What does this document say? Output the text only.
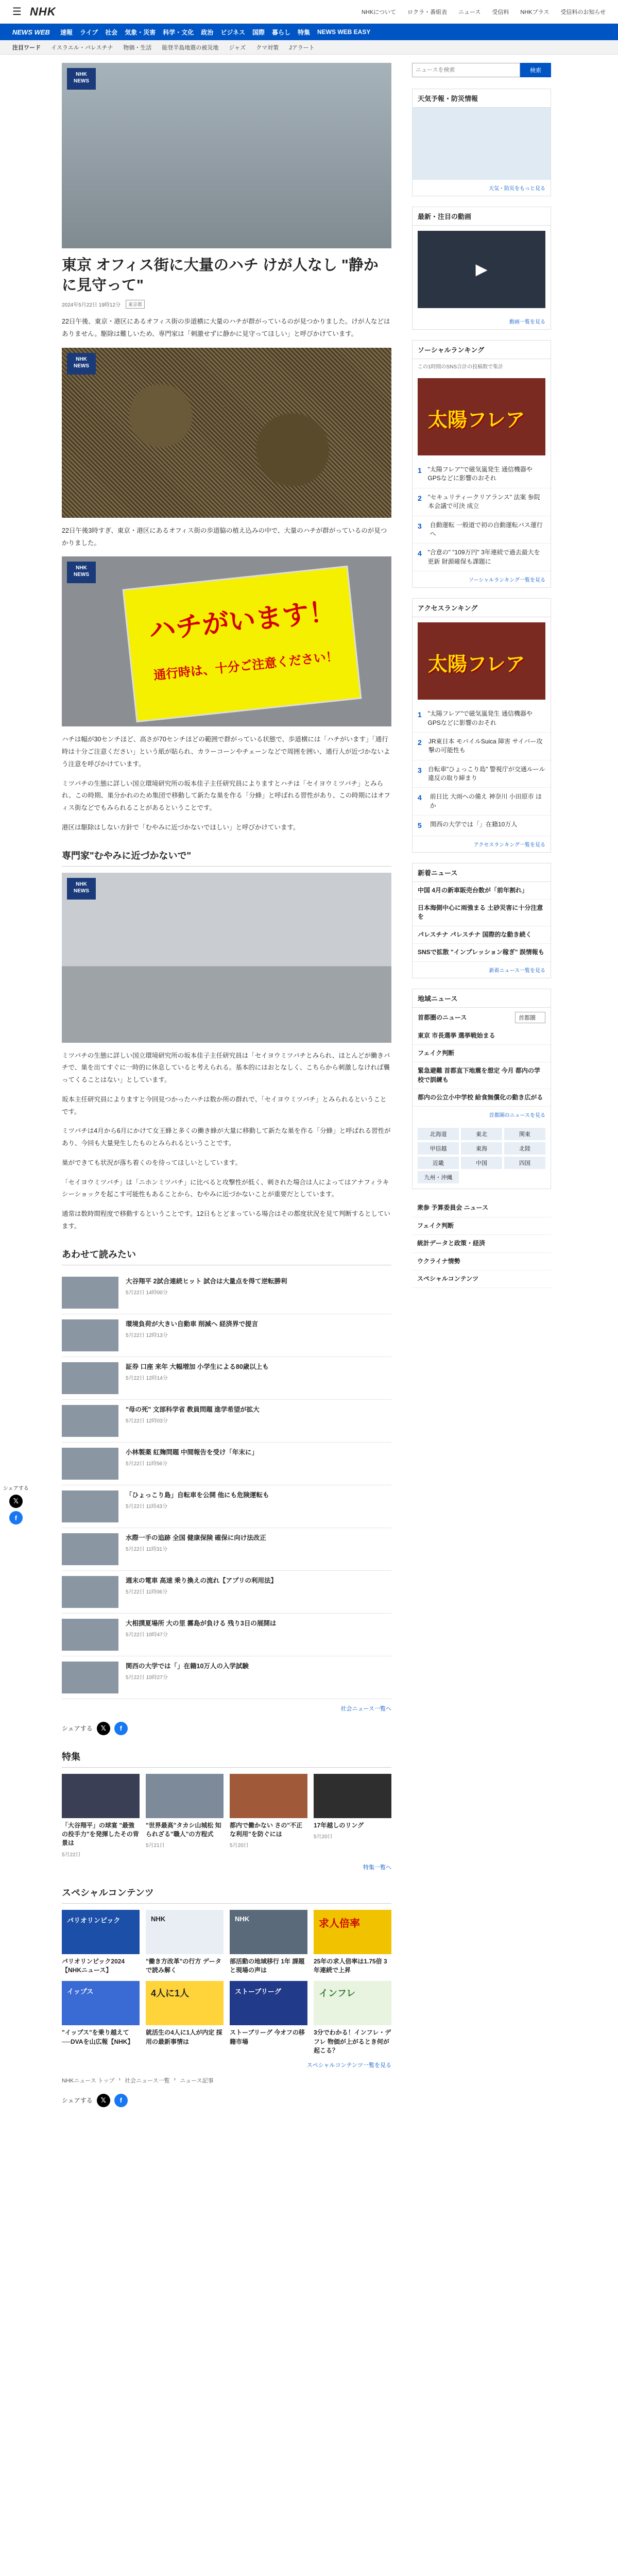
☰ NHK	NHKについて ロクラ・番組表 ニュース 受信料 NHKプラス 受信料のお知らせ
NEWS WEB 速報 ライブ 社会 気象・災害 科学・文化 政治 ビジネス 国際 暮らし 特集 NEWS WEB EASY
注目ワード イスラエル・パレスチナ 物価・生活 能登半島地震の被災地 ジャズ クマ対策 Jアラート
NHK
NEWS
東京 オフィス街に大量のハチ けが人なし "静かに見守って"
2024年5月22日 19時12分	東京都

22日午後、東京・港区にあるオフィス街の歩道横に大量のハチが群がっているのが見つかりました。けが人などはありません。駆除は難しいため、専門家は「刺激せずに静かに見守ってほしい」と呼びかけています。

NHK
NEWS

22日午後3時すぎ、東京・港区にあるオフィス街の歩道脇の植え込みの中で、大量のハチが群がっているのが見つかりました。

NHK
NEWS
ハチがいます！
通行時は、十分ご注意ください！

ハチは幅が30センチほど、高さが70センチほどの範囲で群がっている状態で、歩道横には「ハチがいます」「通行時は十分ご注意ください」という紙が貼られ、カラーコーンやチェーンなどで周囲を囲い、通行人が近づかないよう注意を呼びかけています。

ミツバチの生態に詳しい国立環境研究所の坂本佳子主任研究員によりますとハチは「セイヨウミツバチ」とみられ、この時期、巣分かれのため集団で移動して新たな巣を作る「分蜂」と呼ばれる習性があり、この時期にはオフィス街などでもみられることがあるということです。

港区は駆除はしない方針で「むやみに近づかないでほしい」と呼びかけています。

専門家"むやみに近づかないで"
NHK
NEWS

ミツバチの生態に詳しい国立環境研究所の坂本佳子主任研究員は「セイヨウミツバチとみられ、ほとんどが働きバチで、巣を出てすぐに一時的に休息していると考えられる。基本的にはおとなしく、こちらから刺激しなければ襲ってくることはない」としています。

坂本主任研究員によりますと今回見つかったハチは数か所の群れで、「セイヨウミツバチ」とみられるということです。

ミツバチは4月から6月にかけて女王蜂と多くの働き蜂が大量に移動して新たな巣を作る「分蜂」と呼ばれる習性があり、今回も大量発生したものとみられるということです。

巣ができても状況が落ち着くのを待ってほしいとしています。

「セイヨウミツバチ」は「ニホンミツバチ」に比べると攻撃性が低く、刺された場合は人によってはアナフィラキシーショックを起こす可能性もあることから、むやみに近づかないことが重要だとしています。

通常は数時間程度で移動するということです。12日もとどまっている場合はその都度状況を見て判断するとしています。

あわせて読みたい
大谷翔平 2試合連続ヒット 試合は大量点を得て逆転勝利
5月22日 14時00分
環境負荷が大きい自動車 削減へ 経済界で提言
5月22日 12時13分
証券 口座 来年 大幅増加 小学生による80歳以上も
5月22日 12時14分
"母の死" 文部科学省 教員問題 進学希望が拡大
5月22日 12時03分
小林製薬 紅麹問題 中間報告を受け「年末に」
5月22日 11時56分
「ひょっこり島」自転車を公開 他にも危険運転も
5月22日 11時43分
水際一手の追跡 全国 健康保険 確保に向け法改正
5月22日 11時31分
週末の電車 高速 乗り換えの流れ【アプリの利用法】
5月22日 11時06分
大相撲夏場所 大の里 霧島が負ける 残り3日の展開は
5月22日 10時47分
関西の大学では「」在籍10万人の入学試験
5月22日 10時27分
社会ニュース一覧へ
シェアする	𝕏	f
特集
「大谷翔平」の球宴 "最強の投手力"を発揮したその背景は
5月22日
"世界最高"タカシ山城松 知られざる"職人"の方程式
5月21日
都内で働かない さの"不正な利用"を防ぐには
5月20日
17年越しのリング
5月20日
特集一覧へ
スペシャルコンテンツ
パリオリンピック
パリオリンピック2024【NHKニュース】
NHK
"働き方改革"の行方 データで読み解く
NHK
部活動の地域移行 1年 課題と現場の声は
求人倍率
25年の求人倍率は1.75倍 3年連続で上昇
イップス
"イップス"を乗り越えて──DVAを山広報【NHK】
4人に1人
就活生の4人に1人が内定 採用の最新事情は
ストーブリーグ
ストーブリーグ 今オフの移籍市場
インフレ
3分でわかる！インフレ・デフレ 物価が上がるとき何が起こる？
スペシャルコンテンツ一覧を見る
NHKニュース トップ › 社会ニュース一覧 › ニュース記事
シェアする	𝕏	f
ニュースを検索
検索
天気予報・防災情報
天気・防災をもっと見る
最新・注目の動画
▶
動画一覧を見る
ソーシャルランキング
この1時間のSNS合計の投稿数で集計
太陽フレア
1 "太陽フレア"で磁気嵐発生 通信機器やGPSなどに影響のおそれ
2 "セキュリティークリアランス" 法案 参院本会議で可決 成立
3	自動運転 一般道で初の自動運転バス運行へ
4 "合意の" "109万円" 3年連続で過去最大を更新 財源確保も課題に
ソーシャルランキング一覧を見る
アクセスランキング
太陽フレア
1 "太陽フレア"で磁気嵐発生 通信機器やGPSなどに影響のおそれ
2 JR東日本 モバイルSuica 障害 サイバー攻撃の可能性も
3 自転車"ひょっこり島" 警視庁が交通ルール違反の取り締まり
4	前日比 大雨への備え 神奈川 小田原市 ほか
5	関西の大学では「」在籍10万人
アクセスランキング一覧を見る
新着ニュース
中国 4月の新車販売台数が「前年割れ」
日本海側中心に雨強まる 土砂災害に十分注意を
パレスチナ パレスチナ 国際的な動き続く
SNSで拡散 "インプレッション稼ぎ" 誤情報も
新着ニュース一覧を見る
地域ニュース
首都圏のニュース	首都圏
東京 市長選挙 選挙戦始まる
フェイク判断
緊急避難 首都直下地震を想定 今月 都内の学校で訓練も
都内の公立小中学校 給食無償化の動き広がる
首都圏のニュースを見る
北海道	東北	関東
甲信越	東海	北陸
近畿	中国	四国
九州・沖縄
衆参 予算委員会 ニュース
フェイク判断
統計データと政策・経済
ウクライナ情勢
スペシャルコンテンツ
シェアする
𝕏
f
